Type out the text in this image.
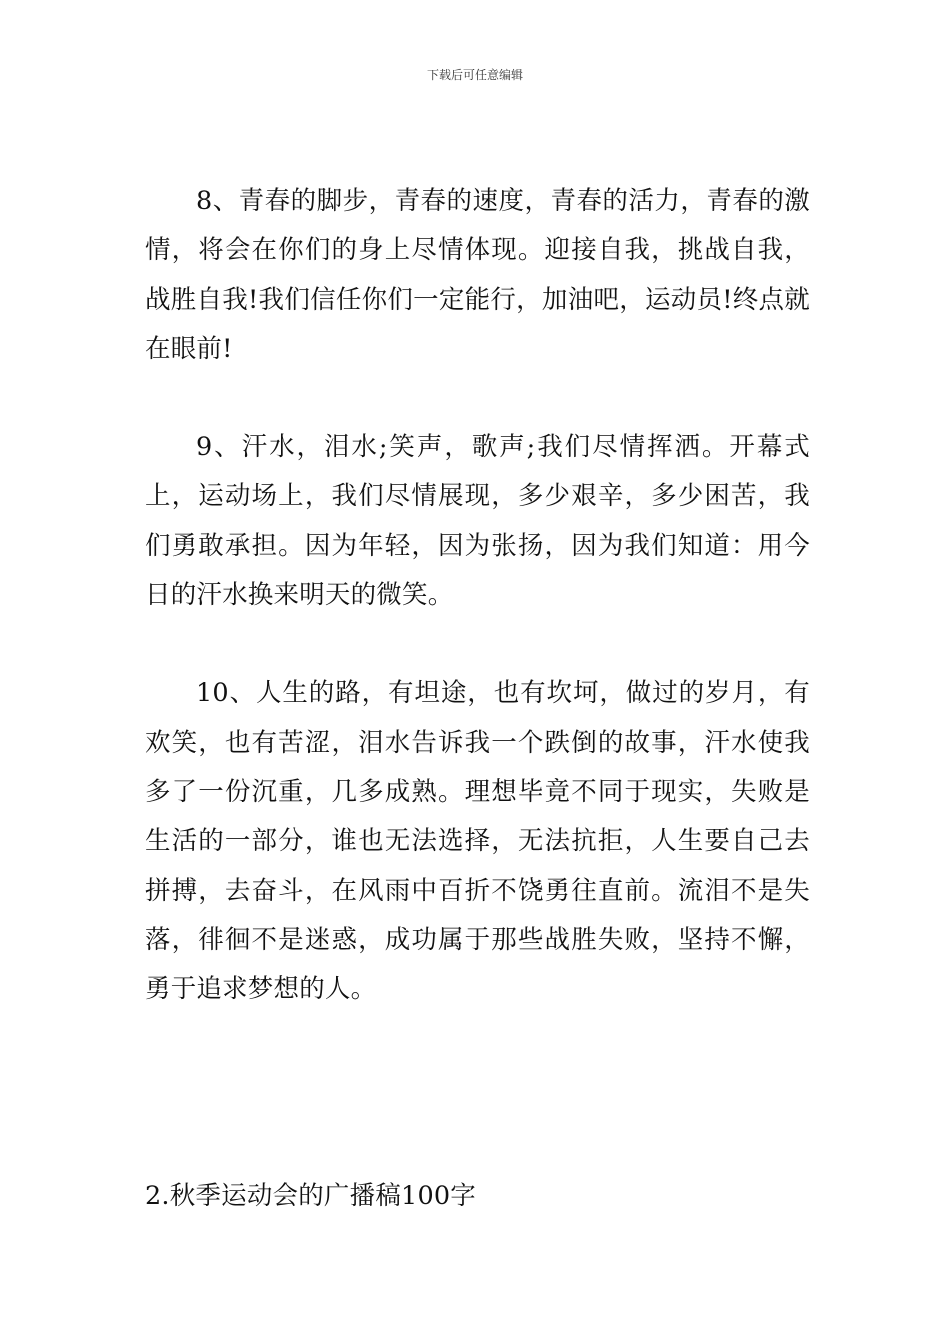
下载后可任意编辑

8、青春的脚步，青春的速度，青春的活力，青春的激情，将会在你们的身上尽情体现。迎接自我，挑战自我，战胜自我!我们信任你们一定能行，加油吧，运动员!终点就在眼前!

9、汗水，泪水;笑声，歌声;我们尽情挥洒。开幕式上，运动场上，我们尽情展现，多少艰辛，多少困苦，我们勇敢承担。因为年轻，因为张扬，因为我们知道：用今日的汗水换来明天的微笑。

10、人生的路，有坦途，也有坎坷，做过的岁月，有欢笑，也有苦涩，泪水告诉我一个跌倒的故事，汗水使我多了一份沉重，几多成熟。理想毕竟不同于现实，失败是生活的一部分，谁也无法选择，无法抗拒，人生要自己去拼搏，去奋斗，在风雨中百折不饶勇往直前。流泪不是失落，徘徊不是迷惑，成功属于那些战胜失败，坚持不懈，勇于追求梦想的人。

2.秋季运动会的广播稿100字
